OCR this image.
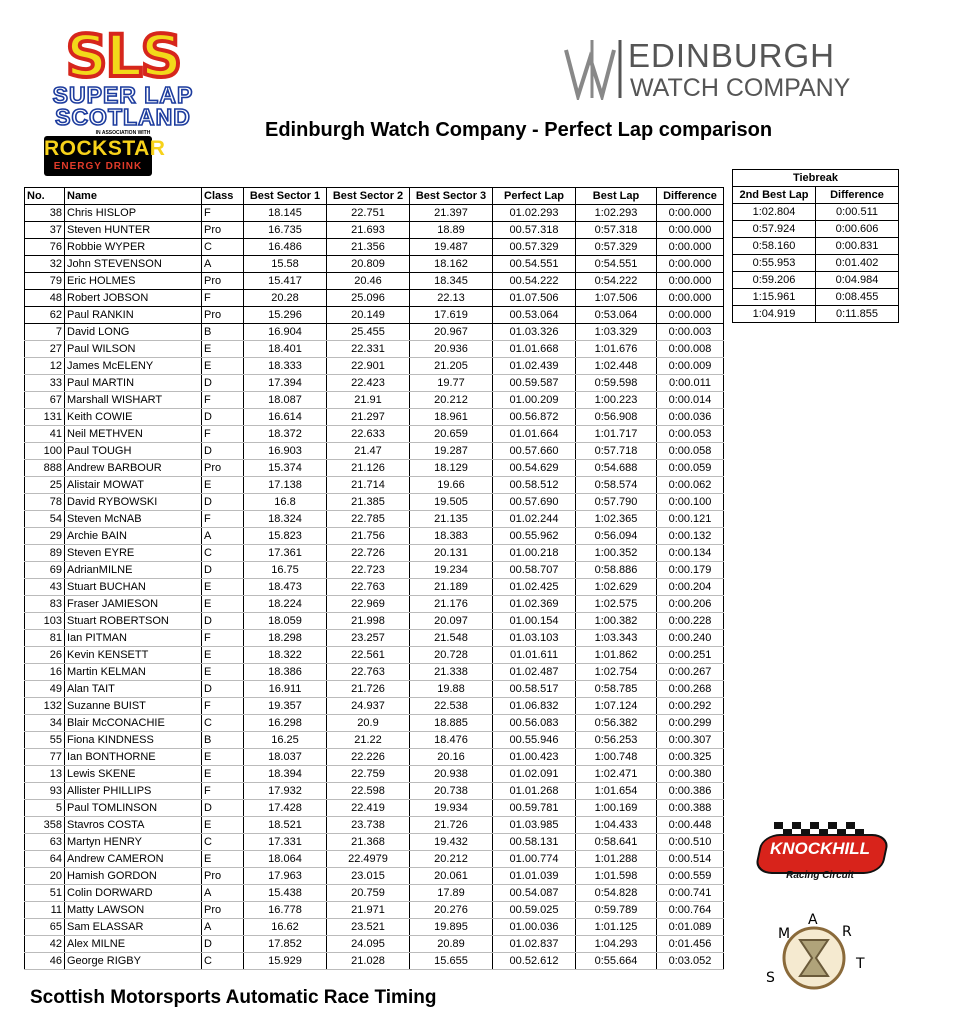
SLS
SUPER LAP
SCOTLAND
IN ASSOCIATION WITH
ROCKSTAR
ENERGY DRINK
EDINBURGH
WATCH COMPANY
Edinburgh Watch Company - Perfect Lap comparison
Tiebreak	
2nd Best Lap	Difference
1:02.804	0:00.511
0:57.924	0:00.606
0:58.160	0:00.831
0:55.953	0:01.402
0:59.206	0:04.984
1:15.961	0:08.455
1:04.919	0:11.855
No.	Name	Class	Best Sector 1	Best Sector 2	Best Sector 3	Perfect Lap	Best Lap	Difference
38	Chris HISLOP	F	18.145	22.751	21.397	01.02.293	1:02.293	0:00.000
37	Steven HUNTER	Pro	16.735	21.693	18.89	00.57.318	0:57.318	0:00.000
76	Robbie WYPER	C	16.486	21.356	19.487	00.57.329	0:57.329	0:00.000
32	John STEVENSON	A	15.58	20.809	18.162	00.54.551	0:54.551	0:00.000
79	Eric HOLMES	Pro	15.417	20.46	18.345	00.54.222	0:54.222	0:00.000
48	Robert JOBSON	F	20.28	25.096	22.13	01.07.506	1:07.506	0:00.000
62	Paul RANKIN	Pro	15.296	20.149	17.619	00.53.064	0:53.064	0:00.000
7	David LONG	B	16.904	25.455	20.967	01.03.326	1:03.329	0:00.003
27	Paul WILSON	E	18.401	22.331	20.936	01.01.668	1:01.676	0:00.008
12	James McELENY	E	18.333	22.901	21.205	01.02.439	1:02.448	0:00.009
33	Paul MARTIN	D	17.394	22.423	19.77	00.59.587	0:59.598	0:00.011
67	Marshall WISHART	F	18.087	21.91	20.212	01.00.209	1:00.223	0:00.014
131	Keith COWIE	D	16.614	21.297	18.961	00.56.872	0:56.908	0:00.036
41	Neil METHVEN	F	18.372	22.633	20.659	01.01.664	1:01.717	0:00.053
100	Paul TOUGH	D	16.903	21.47	19.287	00.57.660	0:57.718	0:00.058
888	Andrew BARBOUR	Pro	15.374	21.126	18.129	00.54.629	0:54.688	0:00.059
25	Alistair MOWAT	E	17.138	21.714	19.66	00.58.512	0:58.574	0:00.062
78	David RYBOWSKI	D	16.8	21.385	19.505	00.57.690	0:57.790	0:00.100
54	Steven McNAB	F	18.324	22.785	21.135	01.02.244	1:02.365	0:00.121
29	Archie BAIN	A	15.823	21.756	18.383	00.55.962	0:56.094	0:00.132
89	Steven EYRE	C	17.361	22.726	20.131	01.00.218	1:00.352	0:00.134
69	AdrianMILNE	D	16.75	22.723	19.234	00.58.707	0:58.886	0:00.179
43	Stuart BUCHAN	E	18.473	22.763	21.189	01.02.425	1:02.629	0:00.204
83	Fraser JAMIESON	E	18.224	22.969	21.176	01.02.369	1:02.575	0:00.206
103	Stuart ROBERTSON	D	18.059	21.998	20.097	01.00.154	1:00.382	0:00.228
81	Ian PITMAN	F	18.298	23.257	21.548	01.03.103	1:03.343	0:00.240
26	Kevin KENSETT	E	18.322	22.561	20.728	01.01.611	1:01.862	0:00.251
16	Martin KELMAN	E	18.386	22.763	21.338	01.02.487	1:02.754	0:00.267
49	Alan TAIT	D	16.911	21.726	19.88	00.58.517	0:58.785	0:00.268
132	Suzanne BUIST	F	19.357	24.937	22.538	01.06.832	1:07.124	0:00.292
34	Blair McCONACHIE	C	16.298	20.9	18.885	00.56.083	0:56.382	0:00.299
55	Fiona KINDNESS	B	16.25	21.22	18.476	00.55.946	0:56.253	0:00.307
77	Ian BONTHORNE	E	18.037	22.226	20.16	01.00.423	1:00.748	0:00.325
13	Lewis SKENE	E	18.394	22.759	20.938	01.02.091	1:02.471	0:00.380
93	Allister PHILLIPS	F	17.932	22.598	20.738	01.01.268	1:01.654	0:00.386
5	Paul TOMLINSON	D	17.428	22.419	19.934	00.59.781	1:00.169	0:00.388
358	Stavros COSTA	E	18.521	23.738	21.726	01.03.985	1:04.433	0:00.448
63	Martyn HENRY	C	17.331	21.368	19.432	00.58.131	0:58.641	0:00.510
64	Andrew CAMERON	E	18.064	22.4979	20.212	01.00.774	1:01.288	0:00.514
20	Hamish GORDON	Pro	17.963	23.015	20.061	01.01.039	1:01.598	0:00.559
51	Colin DORWARD	A	15.438	20.759	17.89	00.54.087	0:54.828	0:00.741
11	Matty LAWSON	Pro	16.778	21.971	20.276	00.59.025	0:59.789	0:00.764
65	Sam ELASSAR	A	16.62	23.521	19.895	01.00.036	1:01.125	0:01.089
42	Alex MILNE	D	17.852	24.095	20.89	01.02.837	1:04.293	0:01.456
46	George RIGBY	C	15.929	21.028	15.655	00.52.612	0:55.664	0:03.052
KNOCKHILL
Racing Circuit
S
M
A
R
T
Scottish Motorsports Automatic Race Timing
